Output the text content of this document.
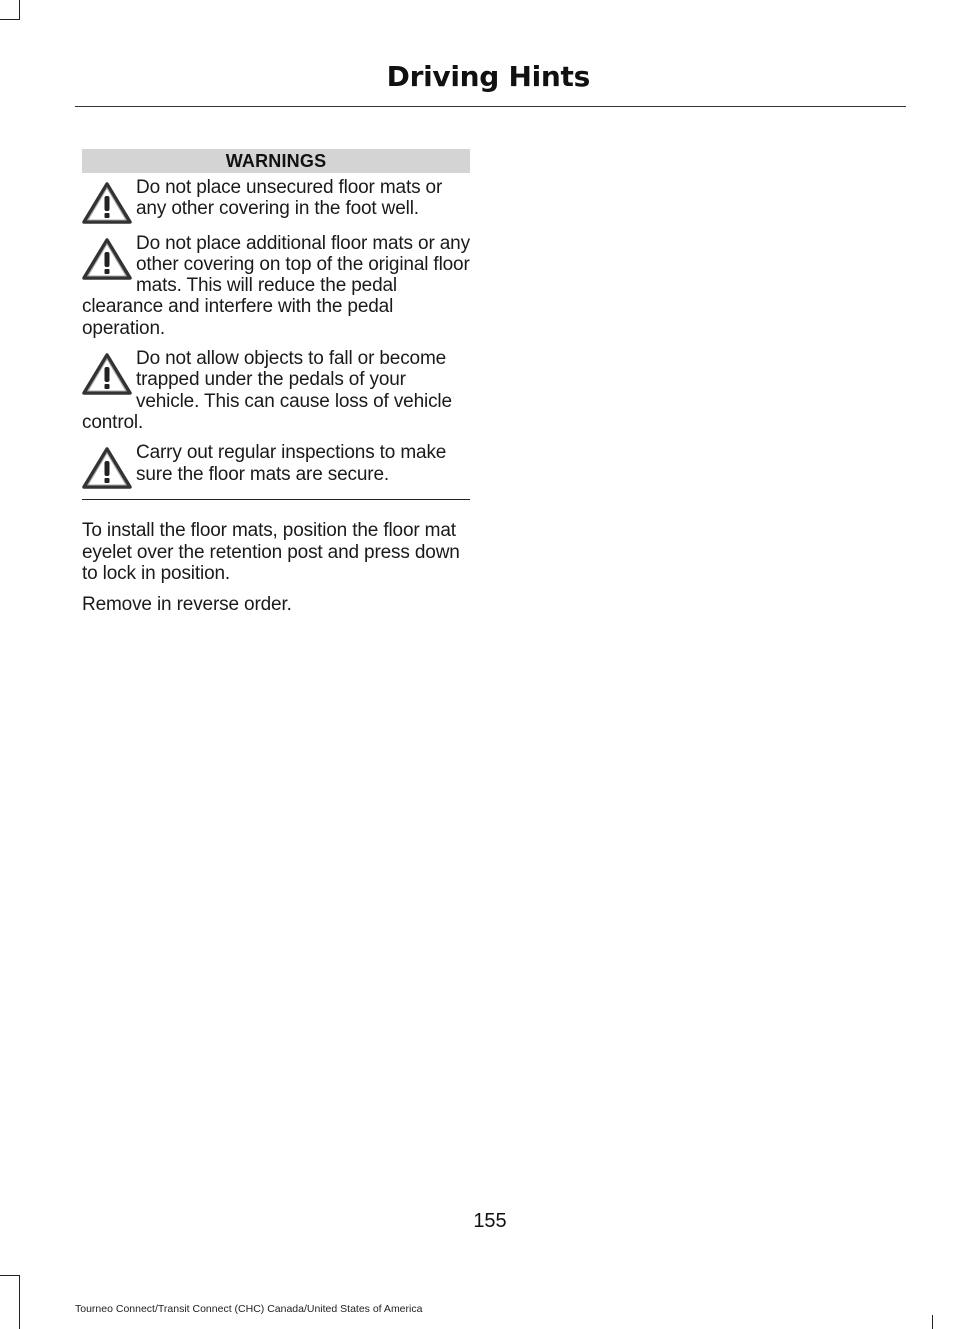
Driving Hints
WARNINGS
Do not place unsecured floor mats or any other covering in the foot well.
Do not place additional floor mats or any other covering on top of the original floor mats. This will reduce the pedal clearance and interfere with the pedal operation.
Do not allow objects to fall or become trapped under the pedals of your vehicle. This can cause loss of vehicle control.
Carry out regular inspections to make sure the floor mats are secure.

To install the floor mats, position the floor mat eyelet over the retention post and press down to lock in position.

Remove in reverse order.

155
Tourneo Connect/Transit Connect (CHC) Canada/United States of America
